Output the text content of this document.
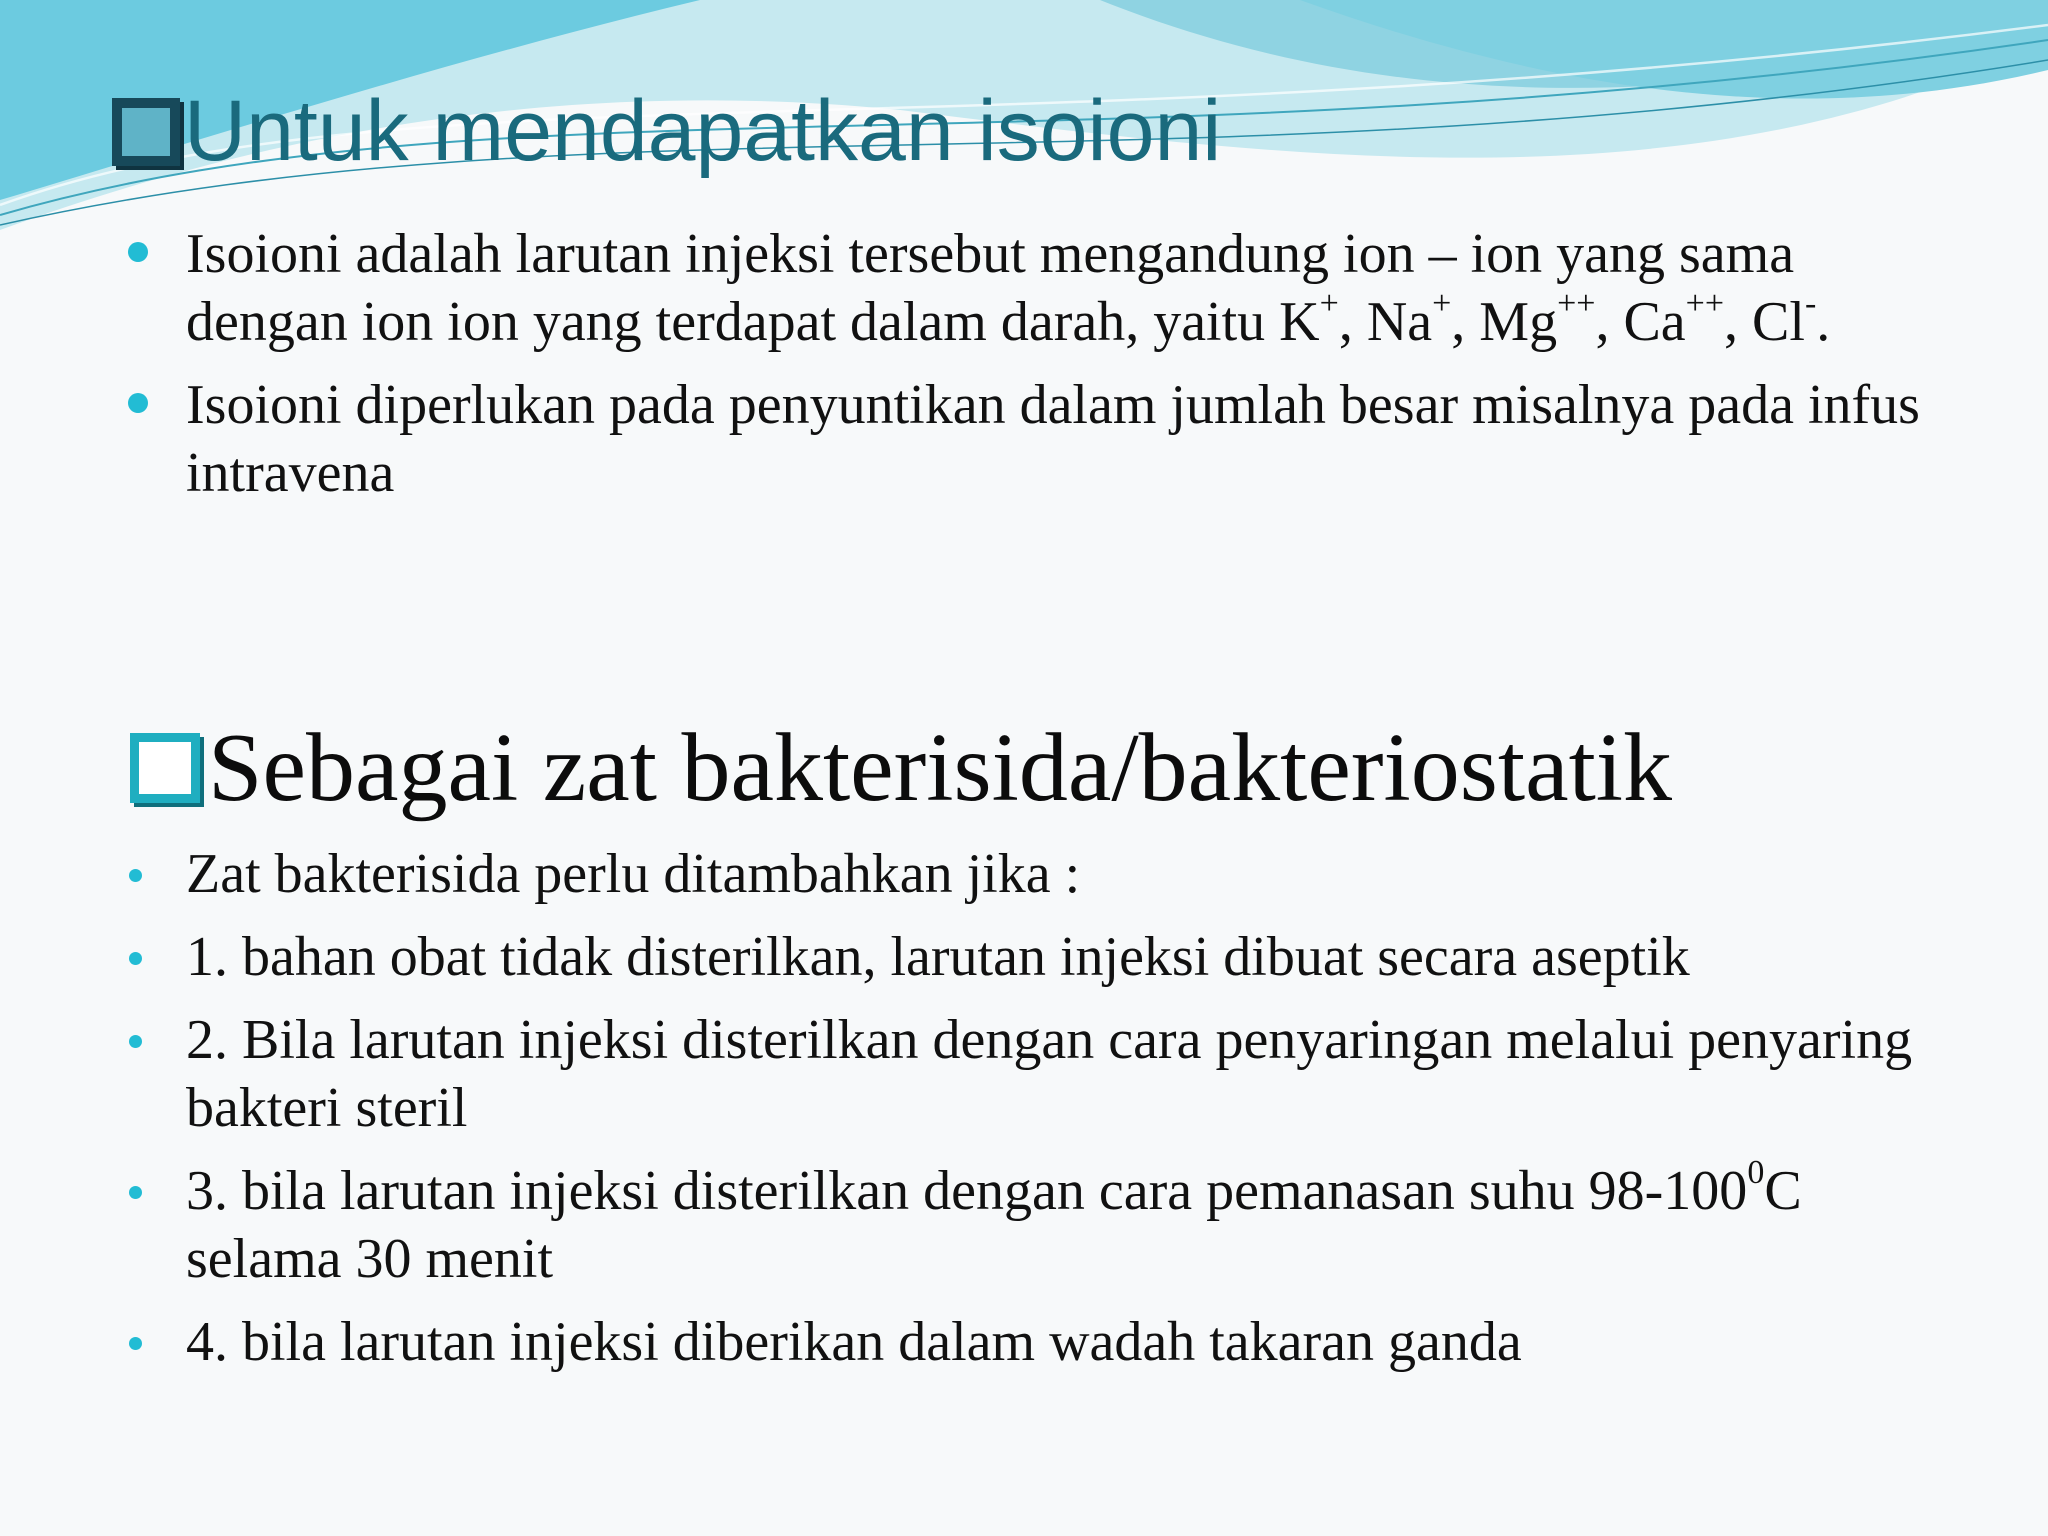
Untuk mendapatkan isoioni
Isoioni adalah larutan injeksi tersebut mengandung ion – ion yang sama dengan ion ion yang terdapat dalam darah, yaitu K+, Na+, Mg++, Ca++, Cl-.
Isoioni diperlukan pada penyuntikan dalam jumlah besar misalnya pada infus intravena
Sebagai zat bakterisida/bakteriostatik
Zat bakterisida perlu ditambahkan jika :
1. bahan obat tidak disterilkan, larutan injeksi dibuat secara aseptik
2. Bila larutan injeksi disterilkan dengan cara penyaringan melalui penyaring bakteri steril
3. bila larutan injeksi disterilkan dengan cara pemanasan suhu $98-100^0C$ selama 30 menit
4. bila larutan injeksi diberikan dalam wadah takaran ganda
